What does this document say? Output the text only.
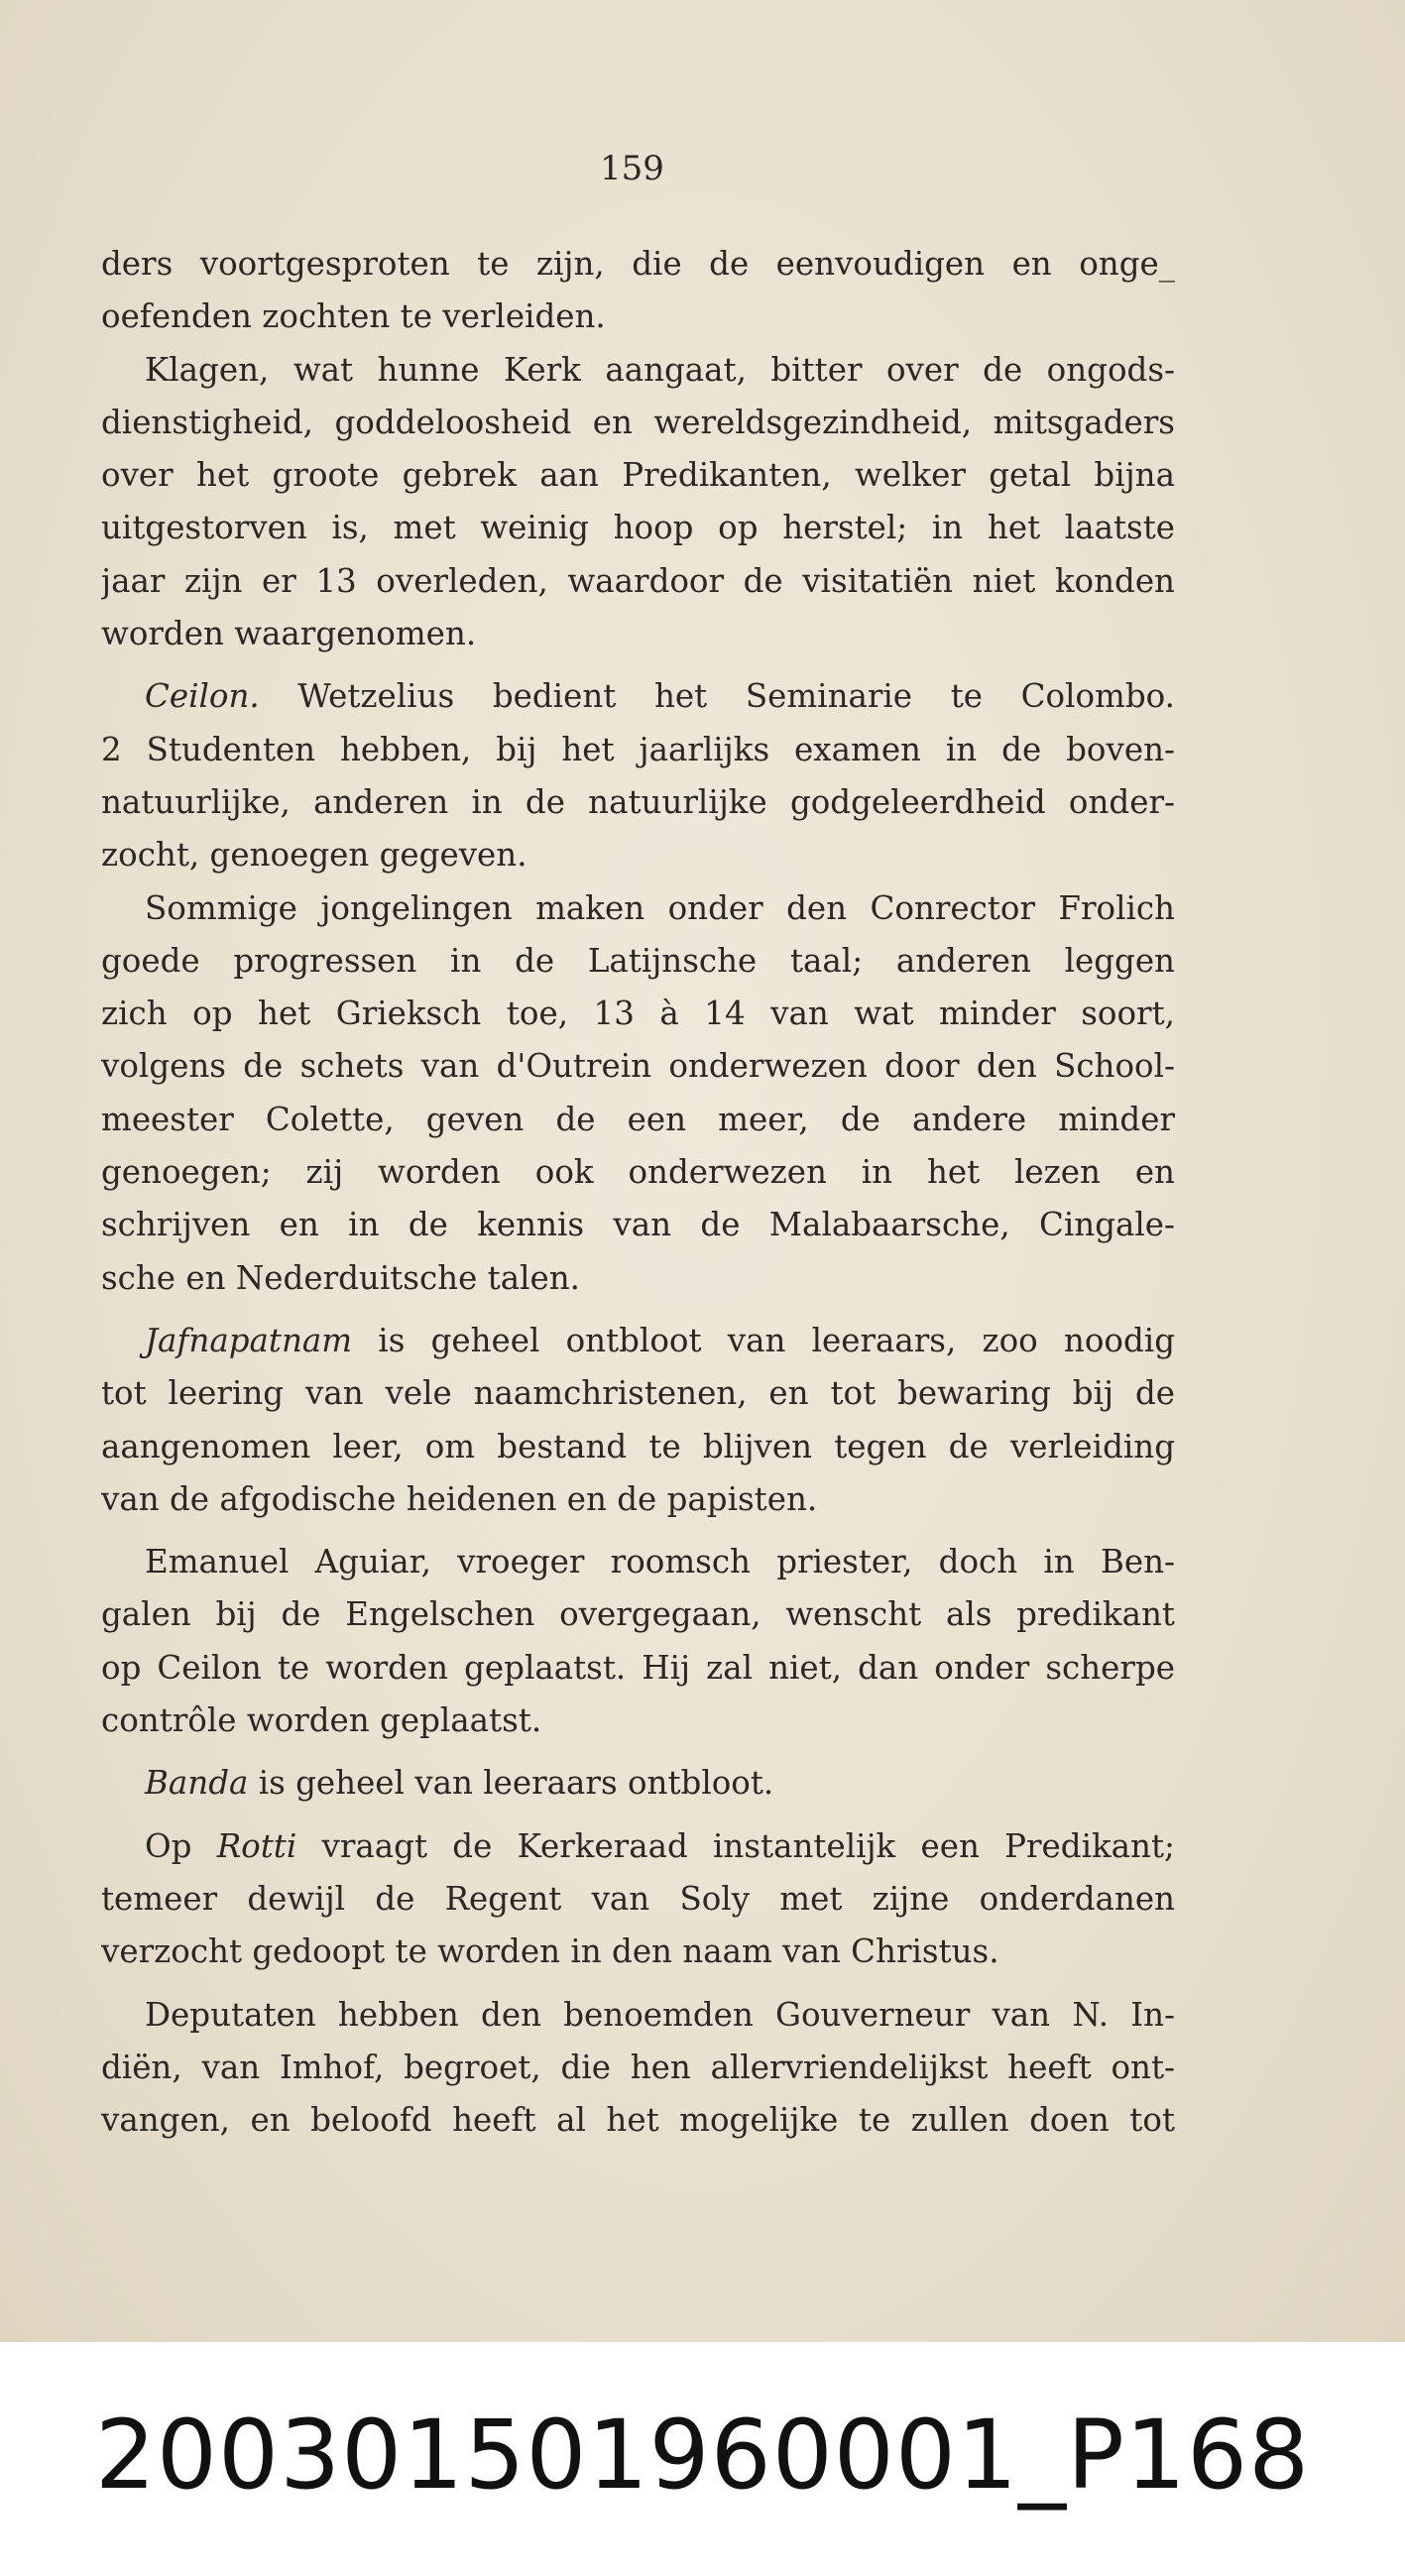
159
ders voortgesproten te zijn, die de eenvoudigen en onge_
oefenden zochten te verleiden.
Klagen, wat hunne Kerk aangaat, bitter over de ongods-
dienstigheid, goddeloosheid en wereldsgezindheid, mitsgaders
over het groote gebrek aan Predikanten, welker getal bijna
uitgestorven is, met weinig hoop op herstel; in het laatste
jaar zijn er 13 overleden, waardoor de visitatiën niet konden
worden waargenomen.
Ceilon. Wetzelius bedient het Seminarie te Colombo.
2 Studenten hebben, bij het jaarlijks examen in de boven-
natuurlijke, anderen in de natuurlijke godgeleerdheid onder-
zocht, genoegen gegeven.
Sommige jongelingen maken onder den Conrector Frolich
goede progressen in de Latijnsche taal; anderen leggen
zich op het Grieksch toe, 13 à 14 van wat minder soort,
volgens de schets van d'Outrein onderwezen door den School-
meester Colette, geven de een meer, de andere minder
genoegen; zij worden ook onderwezen in het lezen en
schrijven en in de kennis van de Malabaarsche, Cingale-
sche en Nederduitsche talen.
Jafnapatnam is geheel ontbloot van leeraars, zoo noodig
tot leering van vele naamchristenen, en tot bewaring bij de
aangenomen leer, om bestand te blijven tegen de verleiding
van de afgodische heidenen en de papisten.
Emanuel Aguiar, vroeger roomsch priester, doch in Ben-
galen bij de Engelschen overgegaan, wenscht als predikant
op Ceilon te worden geplaatst. Hij zal niet, dan onder scherpe
contrôle worden geplaatst.
Banda is geheel van leeraars ontbloot.
Op Rotti vraagt de Kerkeraad instantelijk een Predikant;
temeer dewijl de Regent van Soly met zijne onderdanen
verzocht gedoopt te worden in den naam van Christus.
Deputaten hebben den benoemden Gouverneur van N. In-
diën, van Imhof, begroet, die hen allervriendelijkst heeft ont-
vangen, en beloofd heeft al het mogelijke te zullen doen tot
20030150196000​1_P168
